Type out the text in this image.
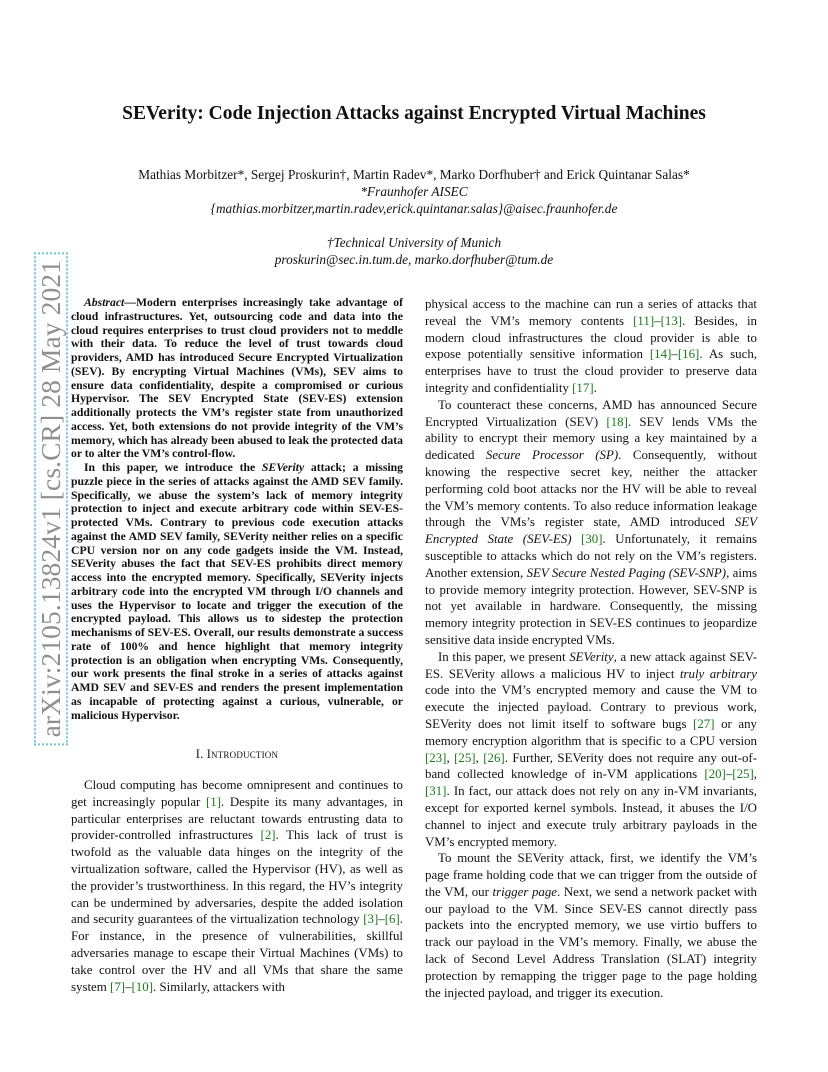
arXiv:2105.13824v1 [cs.CR] 28 May 2021
SEVerity: Code Injection Attacks against Encrypted Virtual Machines
Mathias Morbitzer*, Sergej Proskurin†, Martin Radev*, Marko Dorfhuber† and Erick Quintanar Salas*
*Fraunhofer AISEC
{mathias.morbitzer,martin.radev,erick.quintanar.salas}@aisec.fraunhofer.de
†Technical University of Munich
proskurin@sec.in.tum.de, marko.dorfhuber@tum.de

Abstract—Modern enterprises increasingly take advantage of cloud infrastructures. Yet, outsourcing code and data into the cloud requires enterprises to trust cloud providers not to meddle with their data. To reduce the level of trust towards cloud providers, AMD has introduced Secure Encrypted Virtualization (SEV). By encrypting Virtual Machines (VMs), SEV aims to ensure data confidentiality, despite a compromised or curious Hypervisor. The SEV Encrypted State (SEV-ES) extension additionally protects the VM’s register state from unauthorized access. Yet, both extensions do not provide integrity of the VM’s memory, which has already been abused to leak the protected data or to alter the VM’s control-flow.

In this paper, we introduce the SEVerity attack; a missing puzzle piece in the series of attacks against the AMD SEV family. Specifically, we abuse the system’s lack of memory integrity protection to inject and execute arbitrary code within SEV-ES-protected VMs. Contrary to previous code execution attacks against the AMD SEV family, SEVerity neither relies on a specific CPU version nor on any code gadgets inside the VM. Instead, SEVerity abuses the fact that SEV-ES prohibits direct memory access into the encrypted memory. Specifically, SEVerity injects arbitrary code into the encrypted VM through I/O channels and uses the Hypervisor to locate and trigger the execution of the encrypted payload. This allows us to sidestep the protection mechanisms of SEV-ES. Overall, our results demonstrate a success rate of 100% and hence highlight that memory integrity protection is an obligation when encrypting VMs. Consequently, our work presents the final stroke in a series of attacks against AMD SEV and SEV-ES and renders the present implementation as incapable of protecting against a curious, vulnerable, or malicious Hypervisor.

I. Introduction

Cloud computing has become omnipresent and continues to get increasingly popular [1]. Despite its many advantages, in particular enterprises are reluctant towards entrusting data to provider-controlled infrastructures [2]. This lack of trust is twofold as the valuable data hinges on the integrity of the virtualization software, called the Hypervisor (HV), as well as the provider’s trustworthiness. In this regard, the HV’s integrity can be undermined by adversaries, despite the added isolation and security guarantees of the virtualization technology [3]–[6]. For instance, in the presence of vulnerabilities, skillful adversaries manage to escape their Virtual Machines (VMs) to take control over the HV and all VMs that share the same system [7]–[10]. Similarly, attackers with

physical access to the machine can run a series of attacks that reveal the VM’s memory contents [11]–[13]. Besides, in modern cloud infrastructures the cloud provider is able to expose potentially sensitive information [14]–[16]. As such, enterprises have to trust the cloud provider to preserve data integrity and confidentiality [17].

To counteract these concerns, AMD has announced Secure Encrypted Virtualization (SEV) [18]. SEV lends VMs the ability to encrypt their memory using a key maintained by a dedicated Secure Processor (SP). Consequently, without knowing the respective secret key, neither the attacker performing cold boot attacks nor the HV will be able to reveal the VM’s memory contents. To also reduce information leakage through the VMs’s register state, AMD introduced SEV Encrypted State (SEV-ES) [30]. Unfortunately, it remains susceptible to attacks which do not rely on the VM’s registers. Another extension, SEV Secure Nested Paging (SEV-SNP), aims to provide memory integrity protection. However, SEV-SNP is not yet available in hardware. Consequently, the missing memory integrity protection in SEV-ES continues to jeopardize sensitive data inside encrypted VMs.

In this paper, we present SEVerity, a new attack against SEV-ES. SEVerity allows a malicious HV to inject truly arbitrary code into the VM’s encrypted memory and cause the VM to execute the injected payload. Contrary to previous work, SEVerity does not limit itself to software bugs [27] or any memory encryption algorithm that is specific to a CPU version [23], [25], [26]. Further, SEVerity does not require any out-of-band collected knowledge of in-VM applications [20]–[25], [31]. In fact, our attack does not rely on any in-VM invariants, except for exported kernel symbols. Instead, it abuses the I/O channel to inject and execute truly arbitrary payloads in the VM’s encrypted memory.

To mount the SEVerity attack, first, we identify the VM’s page frame holding code that we can trigger from the outside of the VM, our trigger page. Next, we send a network packet with our payload to the VM. Since SEV-ES cannot directly pass packets into the encrypted memory, we use virtio buffers to track our payload in the VM’s memory. Finally, we abuse the lack of Second Level Address Translation (SLAT) integrity protection by remapping the trigger page to the page holding the injected payload, and trigger its execution.
